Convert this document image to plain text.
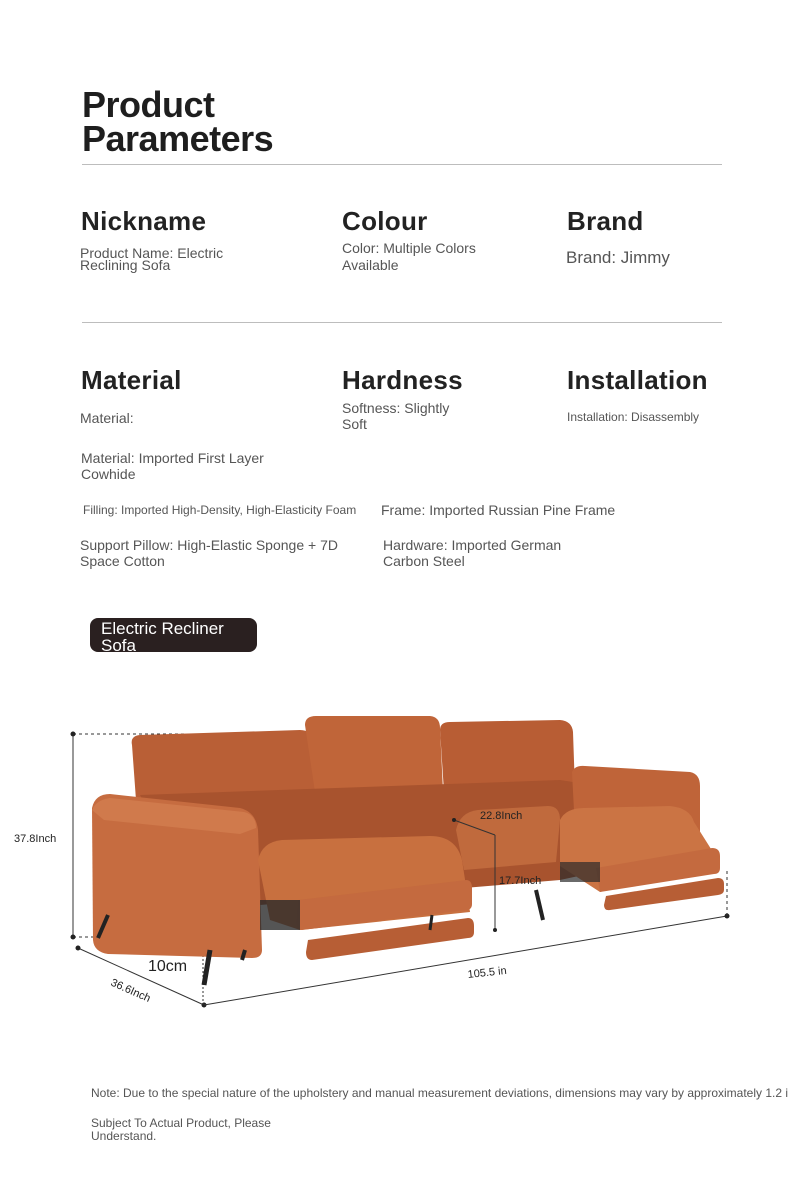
Product
Parameters
Nickname
Product Name: Electric
Reclining Sofa
Colour
Color: Multiple Colors
Available
Brand
Brand: Jimmy
Material
Material:
Hardness
Softness: Slightly
Soft
Installation
Installation: Disassembly
Material: Imported First Layer
Cowhide
Filling: Imported High-Density, High-Elasticity Foam Frame: Imported Russian Pine Frame
Support Pillow: High-Elastic Sponge + 7D
Space Cotton
Hardware: Imported German
Carbon Steel
Electric Recliner
Sofa
37.8Inch
36.6Inch
10cm	105.5 in
22.8Inch
17.7Inch
Note: Due to the special nature of the upholstery and manual measurement deviations, dimensions may vary by approximately 1.2 i
Subject To Actual Product, Please
Understand.
